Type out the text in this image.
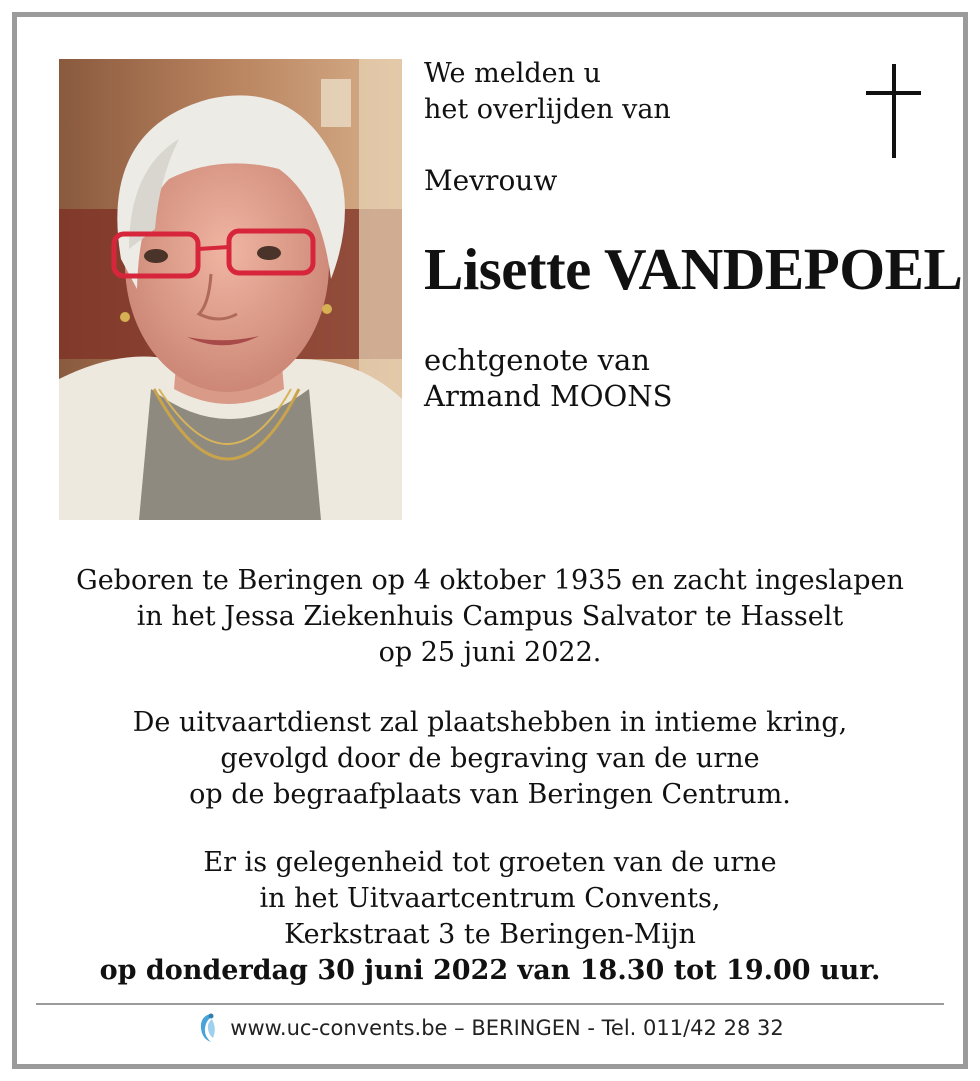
We melden u
het overlijden van
Mevrouw
Lisette VANDEPOEL
echtgenote van
Armand MOONS
Geboren te Beringen op 4 oktober 1935 en zacht ingeslapen
in het Jessa Ziekenhuis Campus Salvator te Hasselt
op 25 juni 2022.
De uitvaartdienst zal plaatshebben in intieme kring,
gevolgd door de begraving van de urne
op de begraafplaats van Beringen Centrum.
Er is gelegenheid tot groeten van de urne
in het Uitvaartcentrum Convents,
Kerkstraat 3 te Beringen-Mijn
op donderdag 30 juni 2022 van 18.30 tot 19.00 uur.
www.uc-convents.be – BERINGEN - Tel. 011/42 28 32
